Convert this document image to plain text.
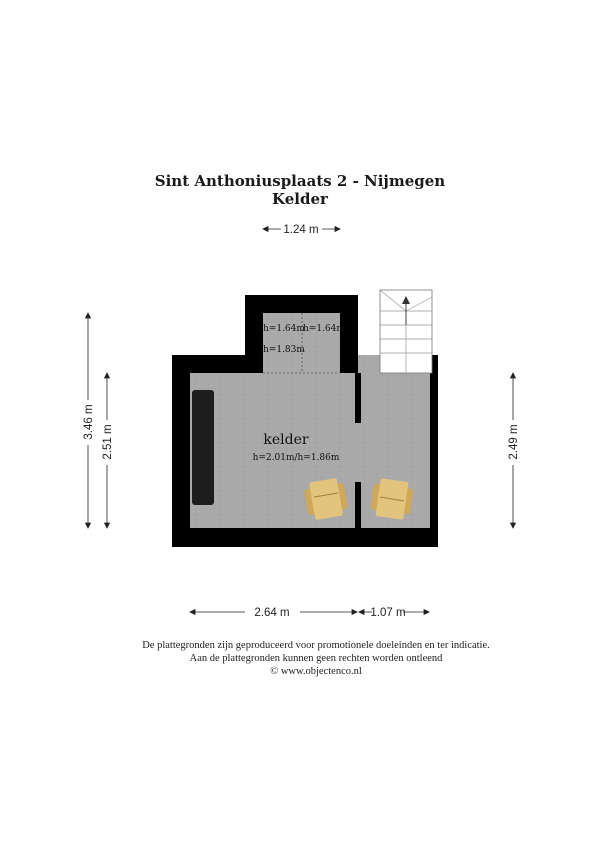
Sint Anthoniusplaats 2 - Nijmegen
Kelder
kelder
h=2.01m/h=1.86m
h=1.64m
h=1.64m
h=1.83m
1.24 m
3.46 m
2.51 m	2.49 m
2.64 m	1.07 m
De plattegronden zijn geproduceerd voor promotionele doeleinden en ter indicatie.
Aan de plattegronden kunnen geen rechten worden ontleend
© www.objectenco.nl
